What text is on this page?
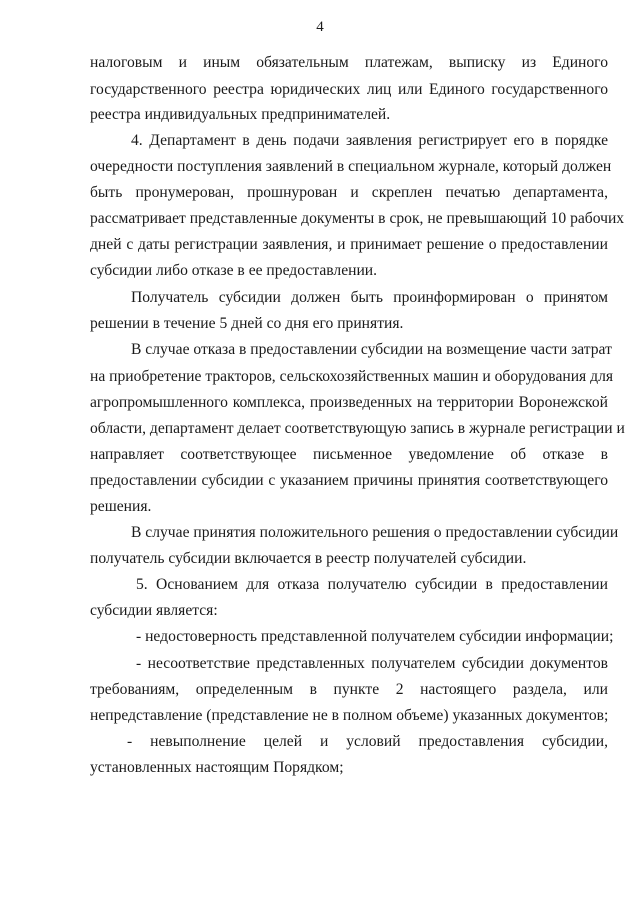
4
налоговым и иным обязательным платежам, выписку из Единого
государственного реестра юридических лиц или Единого государственного
реестра индивидуальных предпринимателей.
4. Департамент в день подачи заявления регистрирует его в порядке
очередности поступления заявлений в специальном журнале, который должен
быть пронумерован, прошнурован и скреплен печатью департамента,
рассматривает представленные документы в срок, не превышающий 10 рабочих
дней с даты регистрации заявления, и принимает решение о предоставлении
субсидии либо отказе в ее предоставлении.
Получатель субсидии должен быть проинформирован о принятом
решении в течение 5 дней со дня его принятия.
В случае отказа в предоставлении субсидии на возмещение части затрат
на приобретение тракторов, сельскохозяйственных машин и оборудования для
агропромышленного комплекса, произведенных на территории Воронежской
области, департамент делает соответствующую запись в журнале регистрации и
направляет соответствующее письменное уведомление об отказе в
предоставлении субсидии с указанием причины принятия соответствующего
решения.
В случае принятия положительного решения о предоставлении субсидии
получатель субсидии включается в реестр получателей субсидии.
5. Основанием для отказа получателю субсидии в предоставлении
субсидии является:
- недостоверность представленной получателем субсидии информации;
- несоответствие представленных получателем субсидии документов
требованиям, определенным в пункте 2 настоящего раздела, или
непредставление (представление не в полном объеме) указанных документов;
- невыполнение целей и условий предоставления субсидии,
установленных настоящим Порядком;
